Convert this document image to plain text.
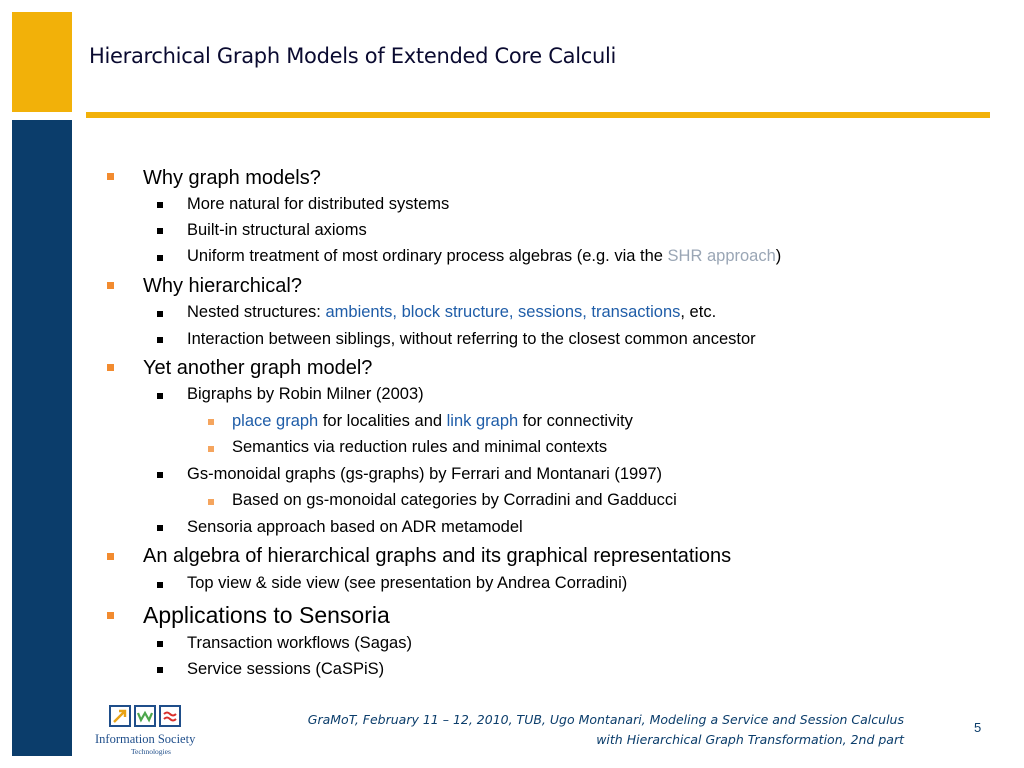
Hierarchical Graph Models of Extended Core Calculi
Why graph models?
More natural for distributed systems
Built-in structural axioms
Uniform treatment of most ordinary process algebras (e.g. via the SHR approach)
Why hierarchical?
Nested structures: ambients, block structure, sessions, transactions, etc.
Interaction between siblings, without referring to the closest common ancestor
Yet another graph model?
Bigraphs by Robin Milner (2003)
place graph for localities and link graph for connectivity
Semantics via reduction rules and minimal contexts
Gs-monoidal graphs (gs-graphs) by Ferrari and Montanari (1997)
Based on gs-monoidal categories by Corradini and Gadducci
Sensoria approach based on ADR metamodel
An algebra of hierarchical graphs and its graphical representations
Top view & side view (see presentation by Andrea Corradini)
Applications to Sensoria
Transaction workflows (Sagas)
Service sessions (CaSPiS)
Information Society
Technologies
GraMoT, February 11 – 12, 2010, TUB, Ugo Montanari, Modeling a Service and Session Calculus
with Hierarchical Graph Transformation, 2nd part
5
